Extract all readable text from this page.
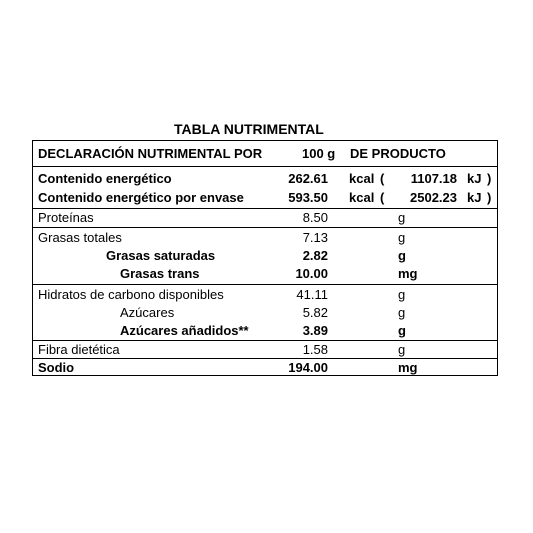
TABLA NUTRIMENTAL
DECLARACIÓN NUTRIMENTAL POR	100 g DE PRODUCTO
Contenido energético	262.61 kcal (	1107.18 kJ )
Contenido energético por envase	593.50 kcal (	2502.23 kJ )
Proteínas	8.50	g
Grasas totales	7.13	g
Grasas saturadas	2.82	g
Grasas trans	10.00	mg
Hidratos de carbono disponibles	41.11	g
Azúcares	5.82	g
Azúcares añadidos**	3.89	g
Fibra dietética	1.58	g
Sodio	194.00	mg
